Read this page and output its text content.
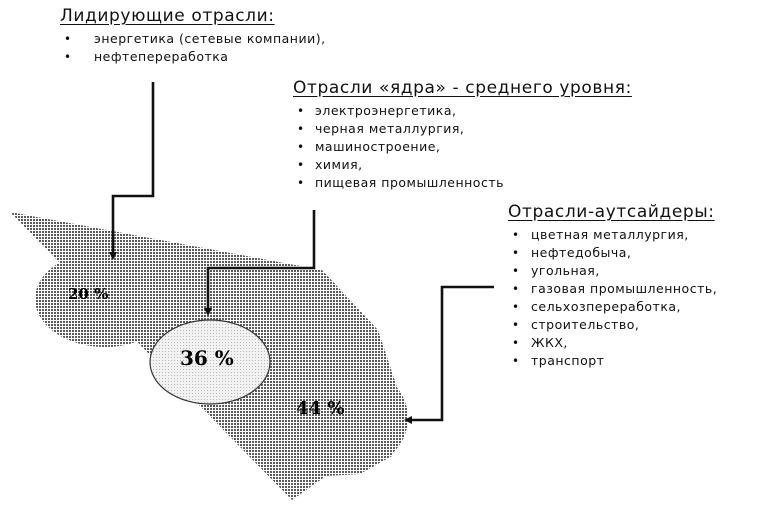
20 %
36 %
44 %
Лидирующие отрасли:
• энергетика (сетевые компании),
• нефтепереработка
Отрасли «ядра» - среднего уровня:
• электроэнергетика,
• черная металлургия,
• машиностроение,
• химия,
• пищевая промышленность
Отрасли-аутсайдеры:
• цветная металлургия,
• нефтедобыча,
• угольная,
• газовая промышленность,
• сельхозпереработка,
• строительство,
• ЖКХ,
• транспорт
